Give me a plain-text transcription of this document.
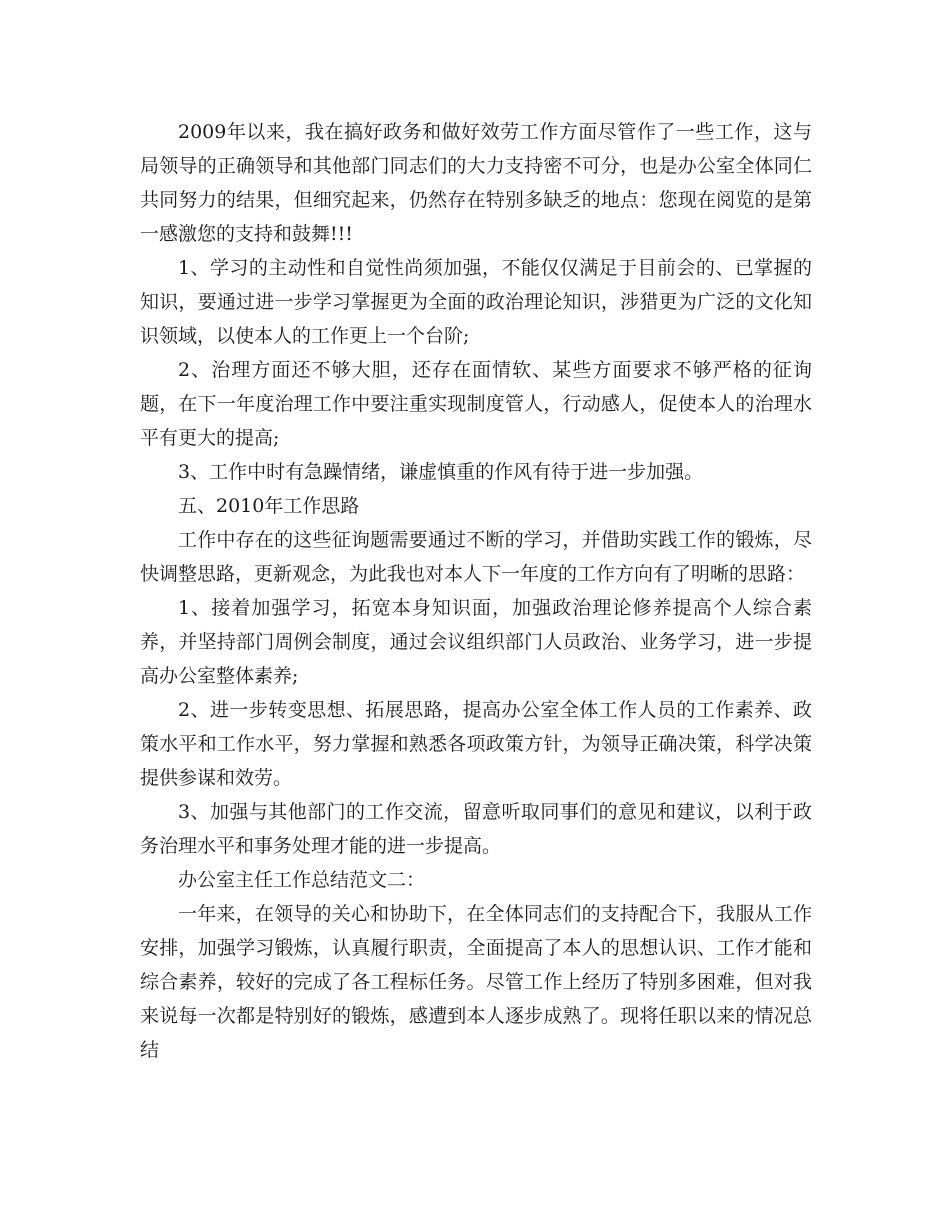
2009年以来，我在搞好政务和做好效劳工作方面尽管作了一些工作，这与局领导的正确领导和其他部门同志们的大力支持密不可分，也是办公室全体同仁共同努力的结果，但细究起来，仍然存在特别多缺乏的地点：您现在阅览的是第一感激您的支持和鼓舞!!!

1、学习的主动性和自觉性尚须加强，不能仅仅满足于目前会的、已掌握的知识，要通过进一步学习掌握更为全面的政治理论知识，涉猎更为广泛的文化知识领域，以使本人的工作更上一个台阶;

2、治理方面还不够大胆，还存在面情软、某些方面要求不够严格的征询题，在下一年度治理工作中要注重实现制度管人，行动感人，促使本人的治理水平有更大的提高;

3、工作中时有急躁情绪，谦虚慎重的作风有待于进一步加强。

五、2010年工作思路

工作中存在的这些征询题需要通过不断的学习，并借助实践工作的锻炼，尽快调整思路，更新观念，为此我也对本人下一年度的工作方向有了明晰的思路：

1、接着加强学习，拓宽本身知识面，加强政治理论修养提高个人综合素养，并坚持部门周例会制度，通过会议组织部门人员政治、业务学习，进一步提高办公室整体素养;

2、进一步转变思想、拓展思路，提高办公室全体工作人员的工作素养、政策水平和工作水平，努力掌握和熟悉各项政策方针，为领导正确决策，科学决策提供参谋和效劳。

3、加强与其他部门的工作交流，留意听取同事们的意见和建议，以利于政务治理水平和事务处理才能的进一步提高。

办公室主任工作总结范文二：

一年来，在领导的关心和协助下，在全体同志们的支持配合下，我服从工作安排，加强学习锻炼，认真履行职责，全面提高了本人的思想认识、工作才能和综合素养，较好的完成了各工程标任务。尽管工作上经历了特别多困难，但对我来说每一次都是特别好的锻炼，感遭到本人逐步成熟了。现将任职以来的情况总结
